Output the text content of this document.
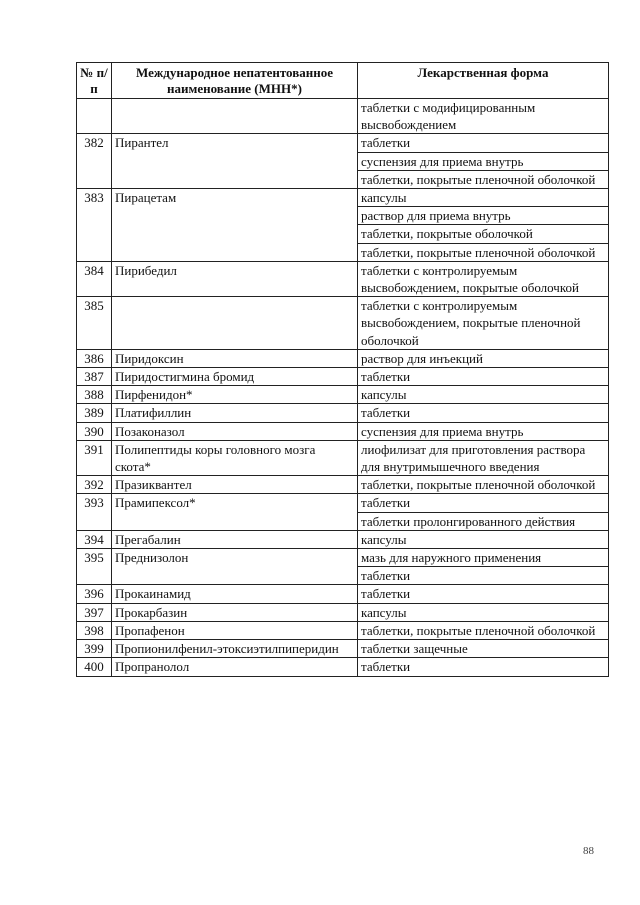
№ п/п	Международное непатентованное наименование (МНН*)	Лекарственная форма
		таблетки с модифицированным высвобождением
382	Пирантел	таблетки
		суспензия для приема внутрь
		таблетки, покрытые пленочной оболочкой
383	Пирацетам	капсулы
		раствор для приема внутрь
		таблетки, покрытые оболочкой
		таблетки, покрытые пленочной оболочкой
384	Пирибедил	таблетки с контролируемым высвобождением, покрытые оболочкой
385		таблетки с контролируемым высвобождением, покрытые пленочной оболочкой
386	Пиридоксин	раствор для инъекций
387	Пиридостигмина бромид	таблетки
388	Пирфенидон*	капсулы
389	Платифиллин	таблетки
390	Позаконазол	суспензия для приема внутрь
391	Полипептиды коры головного мозга скота*	лиофилизат для приготовления раствора для внутримышечного введения
392	Празиквантел	таблетки, покрытые пленочной оболочкой
393	Прамипексол*	таблетки
		таблетки пролонгированного действия
394	Прегабалин	капсулы
395	Преднизолон	мазь для наружного применения
		таблетки
396	Прокаинамид	таблетки
397	Прокарбазин	капсулы
398	Пропафенон	таблетки, покрытые пленочной оболочкой
399	Пропионилфенил-этоксиэтилпиперидин	таблетки защечные
400	Пропранолол	таблетки
88
